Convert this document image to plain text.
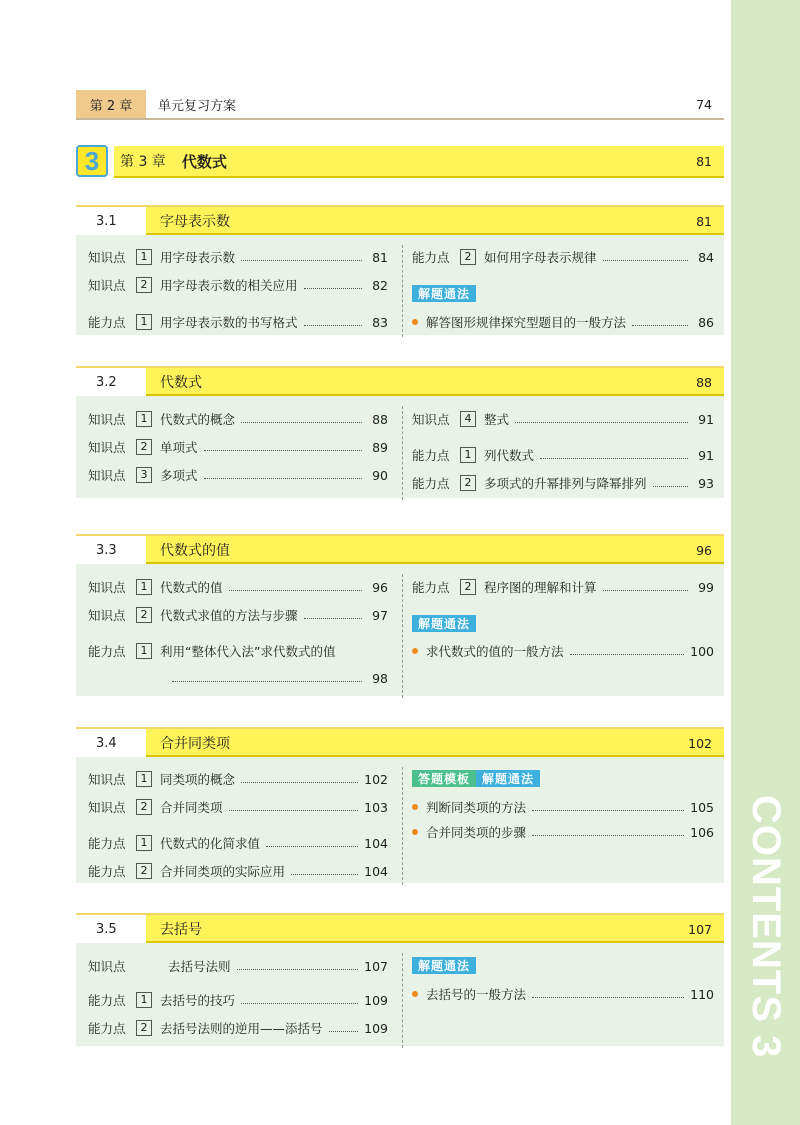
CONTENTS 3
第 2 章	单元复习方案	74
3	第 3 章	代数式	81
3.1	字母表示数	81
知识点	1	用字母表示数	81
知识点	2	用字母表示数的相关应用	82
能力点	1	用字母表示数的书写格式	83
能力点	2	如何用字母表示规律	84
解题通法
解答图形规律探究型题目的一般方法	86
3.2	代数式	88
知识点	1	代数式的概念	88
知识点	2	单项式	89
知识点	3	多项式	90
知识点	4	整式	91
能力点	1	列代数式	91
能力点	2	多项式的升幂排列与降幂排列	93
3.3	代数式的值	96
知识点	1	代数式的值	96
知识点	2	代数式求值的方法与步骤	97
能力点	1	利用“整体代入法”求代数式的值
98
能力点	2	程序图的理解和计算	99
解题通法
求代数式的值的一般方法	100
3.4	合并同类项	102
知识点	1	同类项的概念	102
知识点	2	合并同类项	103
能力点	1	代数式的化简求值	104
能力点	2	合并同类项的实际应用	104
答题模板	解题通法
判断同类项的方法	105
合并同类项的步骤	106
3.5	去括号	107
知识点	去括号法则	107
能力点	1	去括号的技巧	109
能力点	2	去括号法则的逆用——添括号	109
解题通法
去括号的一般方法	110
